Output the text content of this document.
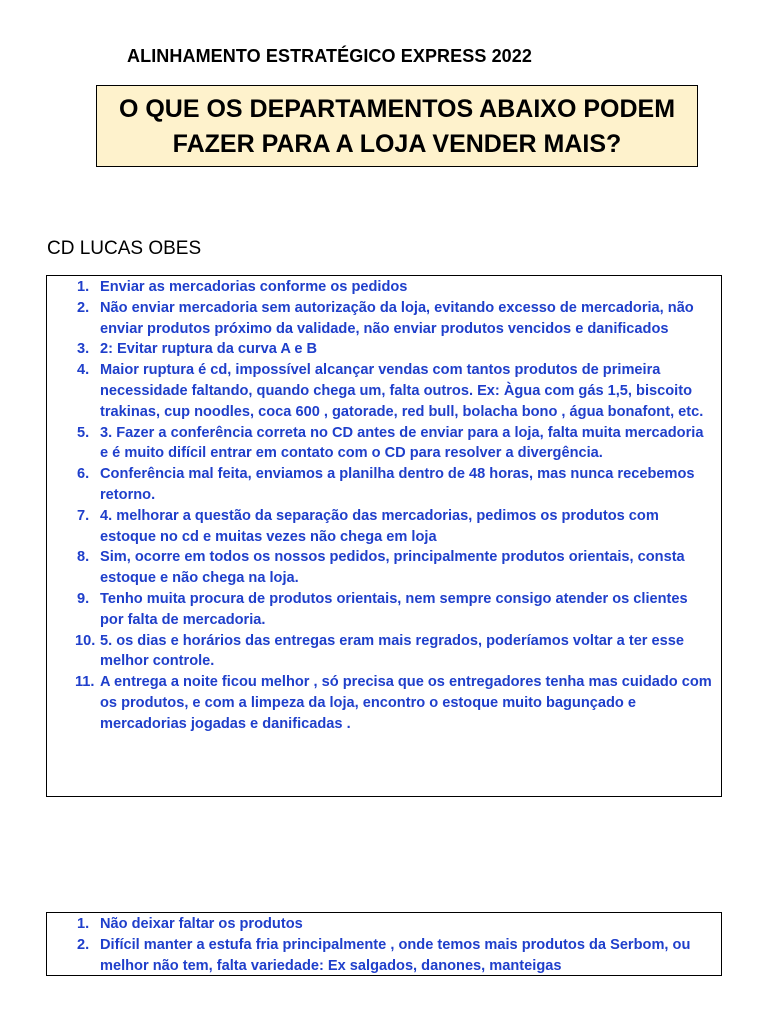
ALINHAMENTO ESTRATÉGICO EXPRESS 2022
O QUE OS DEPARTAMENTOS ABAIXO PODEM
FAZER PARA A LOJA VENDER MAIS?
CD LUCAS OBES
1. Enviar as mercadorias conforme os pedidos
2. Não enviar mercadoria sem autorização da loja, evitando excesso de mercadoria, não enviar produtos próximo da validade, não enviar produtos vencidos e danificados
3. 2: Evitar ruptura da curva A e B
4. Maior ruptura é cd, impossível alcançar vendas com tantos produtos de primeira necessidade faltando, quando chega um, falta outros. Ex: Àgua com gás 1,5, biscoito trakinas, cup noodles, coca 600 , gatorade, red bull, bolacha bono , água bonafont, etc.
5. 3. Fazer a conferência correta no CD antes de enviar para a loja, falta muita mercadoria e é muito difícil entrar em contato com o CD para resolver a divergência.
6. Conferência mal feita, enviamos a planilha dentro de 48 horas, mas nunca recebemos retorno.
7. 4. melhorar a questão da separação das mercadorias, pedimos os produtos com estoque no cd e muitas vezes não chega em loja
8. Sim, ocorre em todos os nossos pedidos, principalmente produtos orientais, consta estoque e não chega na loja.
9. Tenho muita procura de produtos orientais, nem sempre consigo atender os clientes por falta de mercadoria.
10. 5. os dias e horários das entregas eram mais regrados, poderíamos voltar a ter esse melhor controle.
11. A entrega a noite ficou melhor , só precisa que os entregadores tenha mas cuidado com os produtos, e com a limpeza da loja, encontro o estoque muito bagunçado e mercadorias jogadas e danificadas .
1. Não deixar faltar os produtos
2. Difícil manter a estufa fria principalmente , onde temos mais produtos da Serbom, ou melhor não tem, falta variedade: Ex salgados, danones, manteigas
